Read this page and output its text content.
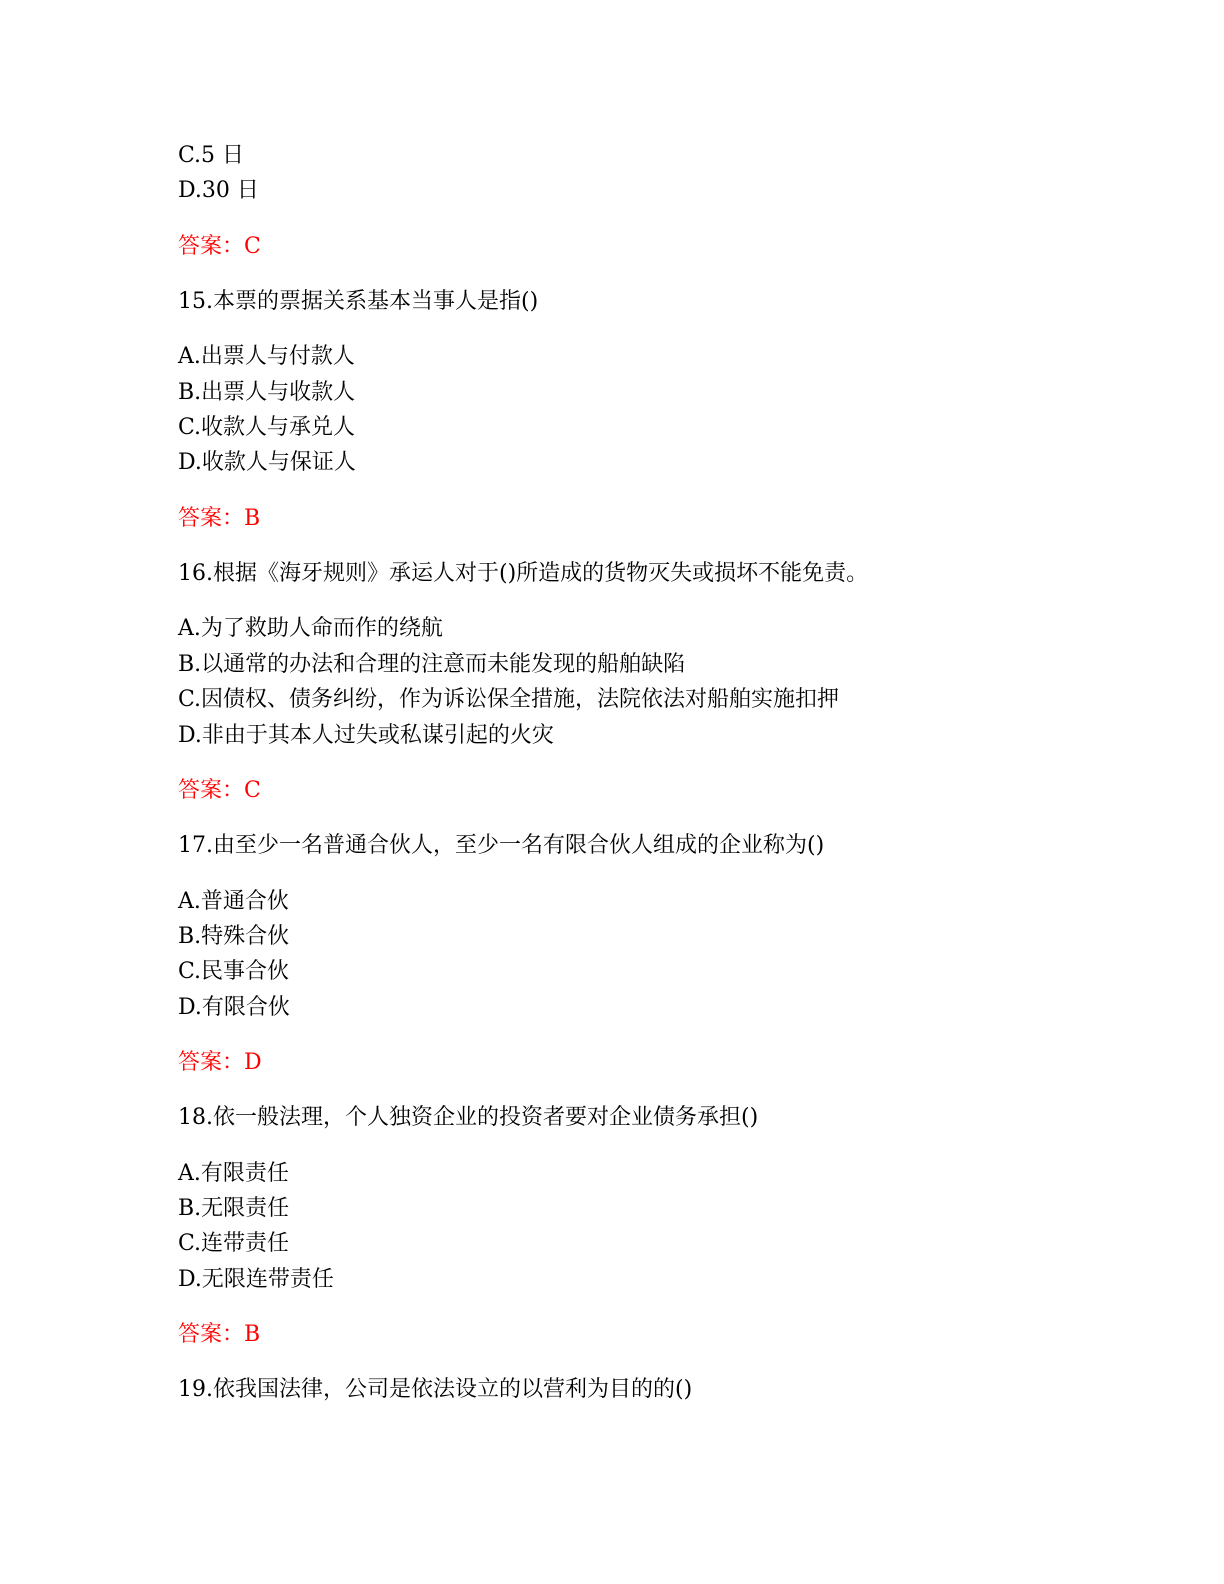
C.5 日
D.30 日
答案：C
15.本票的票据关系基本当事人是指()
A.出票人与付款人
B.出票人与收款人
C.收款人与承兑人
D.收款人与保证人
答案：B
16.根据《海牙规则》承运人对于()所造成的货物灭失或损坏不能免责。
A.为了救助人命而作的绕航
B.以通常的办法和合理的注意而未能发现的船舶缺陷
C.因债权、债务纠纷，作为诉讼保全措施，法院依法对船舶实施扣押
D.非由于其本人过失或私谋引起的火灾
答案：C
17.由至少一名普通合伙人，至少一名有限合伙人组成的企业称为()
A.普通合伙
B.特殊合伙
C.民事合伙
D.有限合伙
答案：D
18.依一般法理，个人独资企业的投资者要对企业债务承担()
A.有限责任
B.无限责任
C.连带责任
D.无限连带责任
答案：B
19.依我国法律，公司是依法设立的以营利为目的的()
